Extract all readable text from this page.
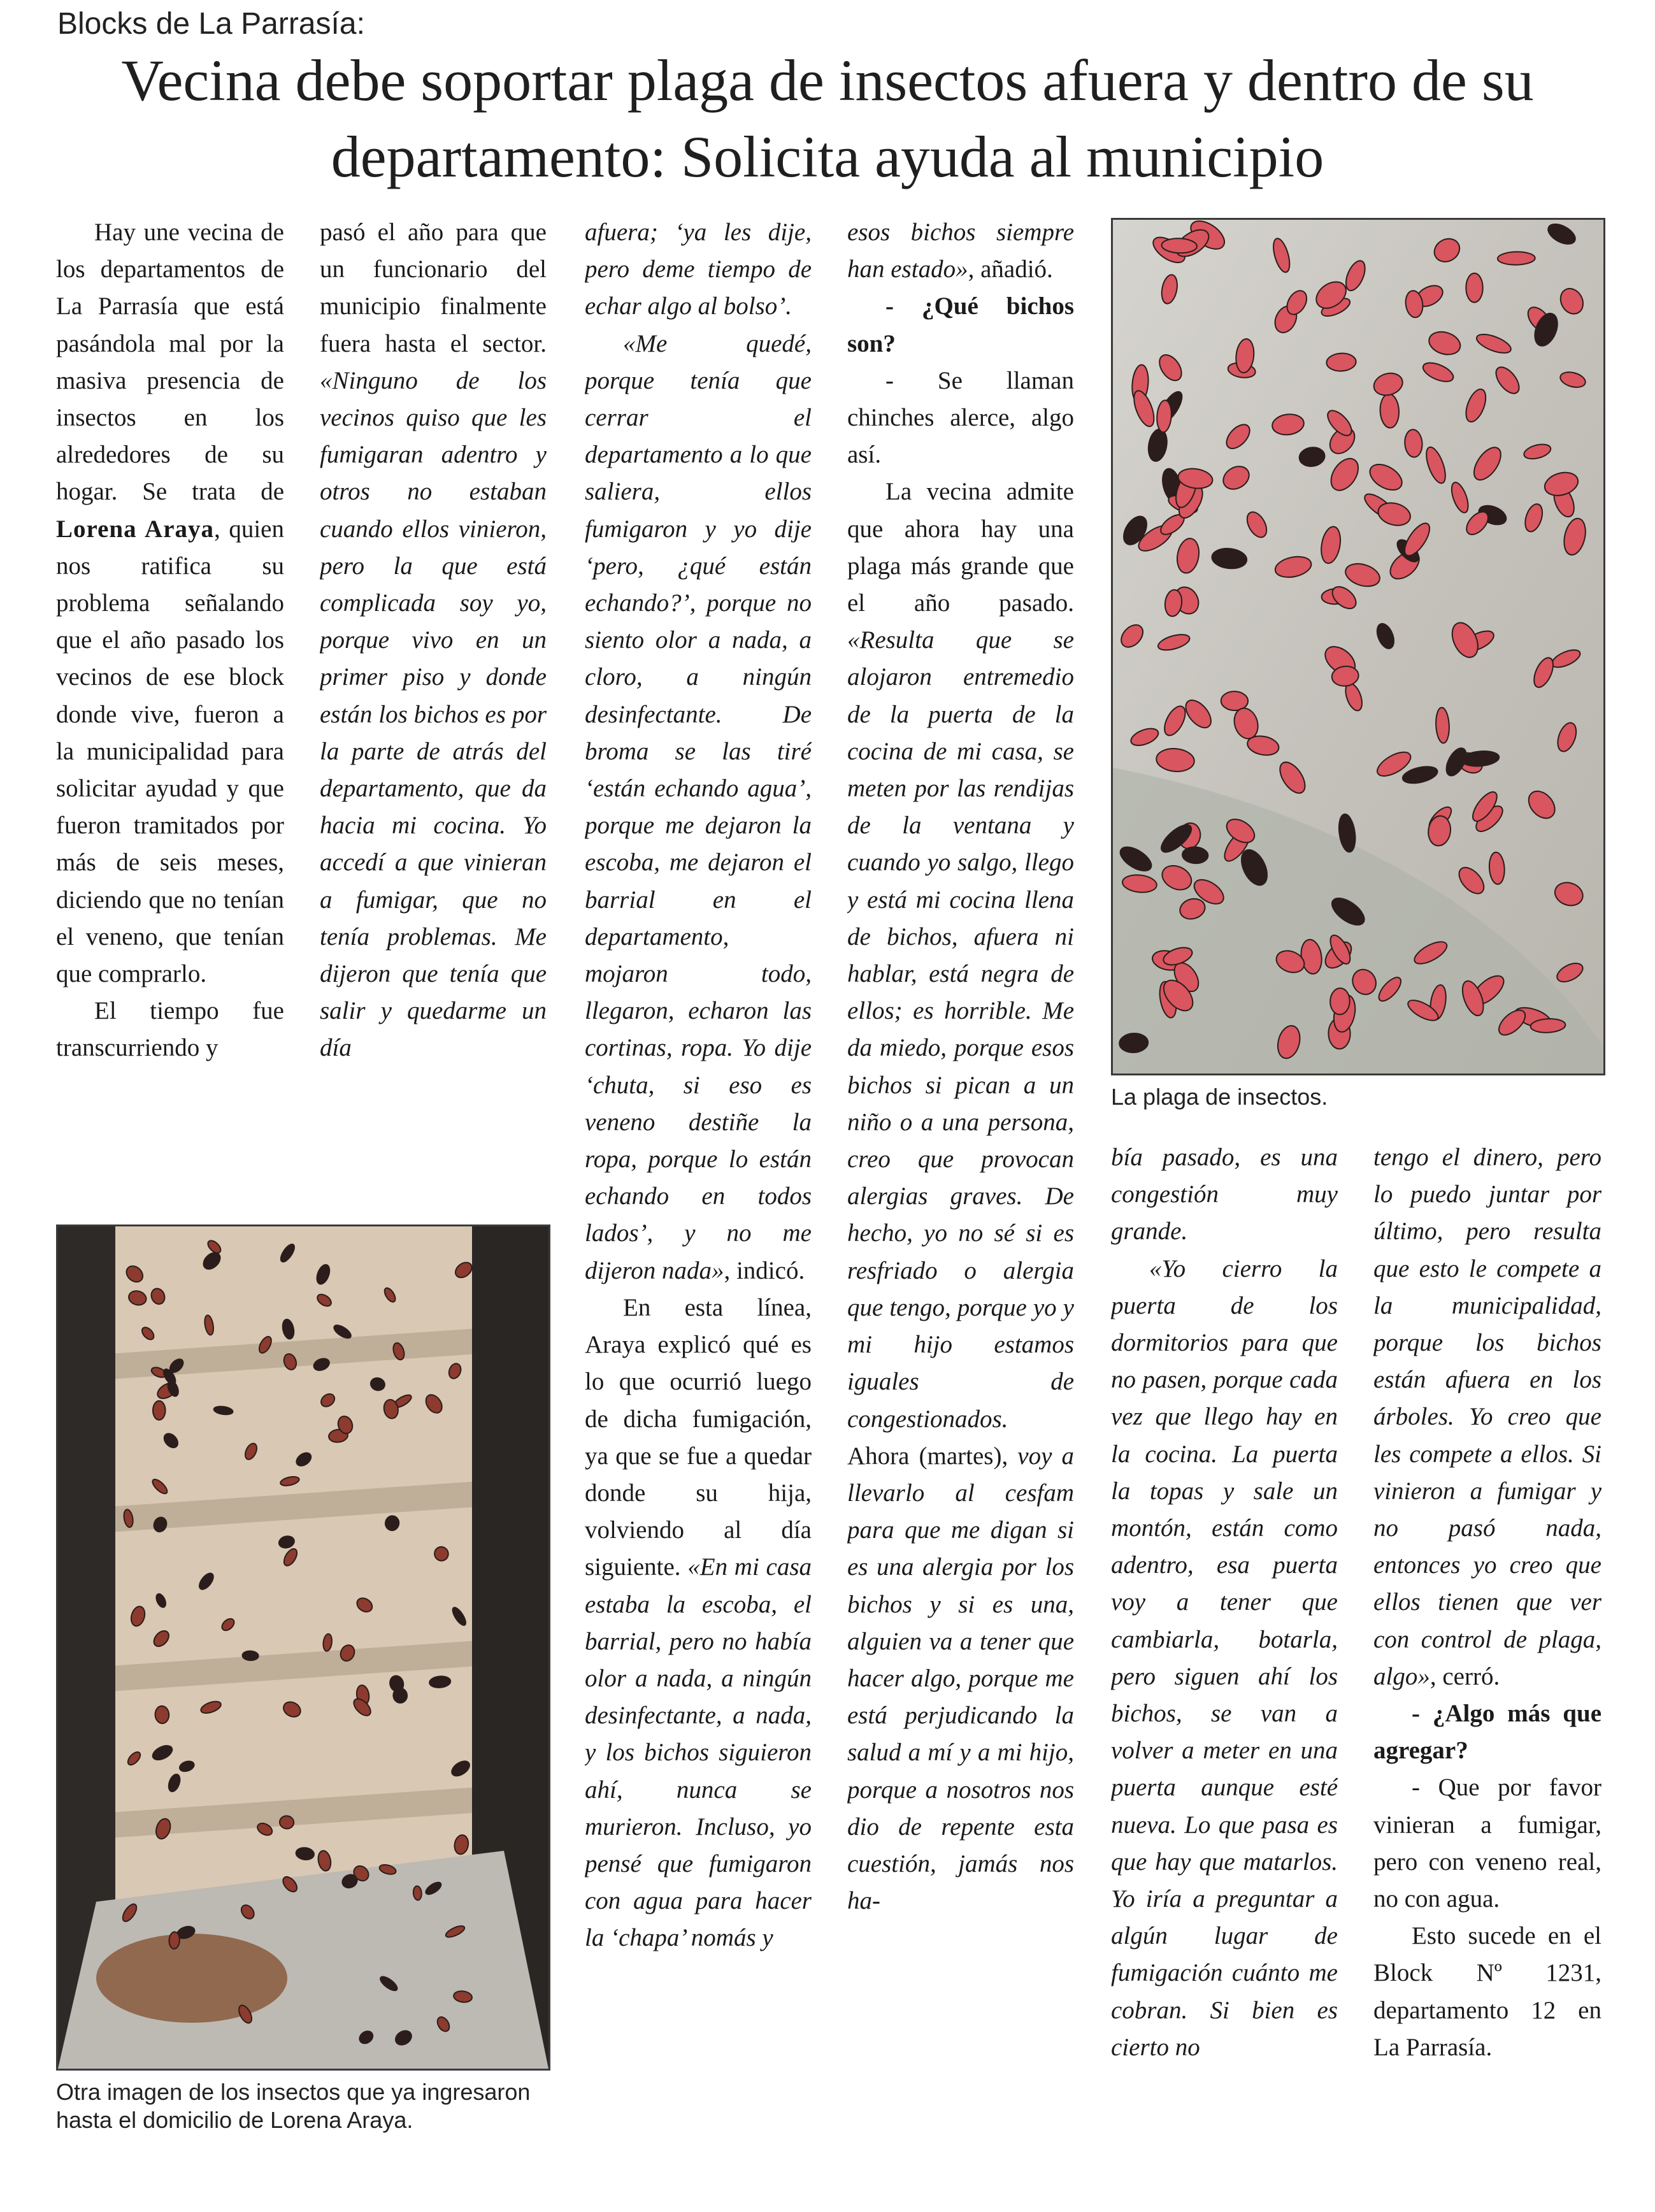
Blocks de La Parrasía:
Vecina debe soportar plaga de insectos afuera y dentro de su departamento: Solicita ayuda al municipio

Hay une vecina de los departamentos de La Parrasía que está pasándola mal por la masiva presencia de insectos en los alrededores de su hogar. Se trata de Lorena Araya, quien nos ratifica su problema señalando que el año pasado los vecinos de ese block donde vive, fueron a la municipalidad para solicitar ayudad y que fueron tramitados por más de seis meses, diciendo que no tenían el veneno, que tenían que comprarlo.

El tiempo fue transcurriendo y

pasó el año para que un funcionario del municipio finalmente fuera hasta el sector. «Ninguno de los vecinos quiso que les fumigaran adentro y otros no estaban cuando ellos vinieron, pero la que está complicada soy yo, porque vivo en un primer piso y donde están los bichos es por la parte de atrás del departamento, que da hacia mi cocina. Yo accedí a que vinieran a fumigar, que no tenía problemas. Me dijeron que tenía que salir y quedarme un día

afuera; ‘ya les dije, pero deme tiempo de echar algo al bolso’.

«Me quedé, porque tenía que cerrar el departamento a lo que saliera, ellos fumigaron y yo dije ‘pero, ¿qué están echando?’, porque no siento olor a nada, a cloro, a ningún desinfectante. De broma se las tiré ‘están echando agua’, porque me dejaron la escoba, me dejaron el barrial en el departamento, mojaron todo, llegaron, echaron las cortinas, ropa. Yo dije ‘chuta, si eso es veneno destiñe la ropa, porque lo están echando en todos lados’, y no me dijeron nada», indicó.

En esta línea, Araya explicó qué es lo que ocurrió luego de dicha fumigación, ya que se fue a quedar donde su hija, volviendo al día siguiente. «En mi casa estaba la escoba, el barrial, pero no había olor a nada, a ningún desinfectante, a nada, y los bichos siguieron ahí, nunca se murieron. Incluso, yo pensé que fumigaron con agua para hacer la ‘chapa’ nomás y

esos bichos siempre han estado», añadió.

- ¿Qué bichos son?

- Se llaman chinches alerce, algo así.

La vecina admite que ahora hay una plaga más grande que el año pasado. «Resulta que se alojaron entremedio de la puerta de la cocina de mi casa, se meten por las rendijas de la ventana y cuando yo salgo, llego y está mi cocina llena de bichos, afuera ni hablar, está negra de ellos; es horrible. Me da miedo, porque esos bichos si pican a un niño o a una persona, creo que provocan alergias graves. De hecho, yo no sé si es resfriado o alergia que tengo, porque yo y mi hijo estamos iguales de congestionados. Ahora (martes), voy a llevarlo al cesfam para que me digan si es una alergia por los bichos y si es una, alguien va a tener que hacer algo, porque me está perjudicando la salud a mí y a mi hijo, porque a nosotros nos dio de repente esta cuestión, jamás nos ha-

bía pasado, es una congestión muy grande.

«Yo cierro la puerta de los dormitorios para que no pasen, porque cada vez que llego hay en la cocina. La puerta la topas y sale un montón, están como adentro, esa puerta voy a tener que cambiarla, botarla, pero siguen ahí los bichos, se van a volver a meter en una puerta aunque esté nueva. Lo que pasa es que hay que matarlos. Yo iría a preguntar a algún lugar de fumigación cuánto me cobran. Si bien es cierto no

tengo el dinero, pero lo puedo juntar por último, pero resulta que esto le compete a la municipalidad, porque los bichos están afuera en los árboles. Yo creo que les compete a ellos. Si vinieron a fumigar y no pasó nada, entonces yo creo que ellos tienen que ver con control de plaga, algo», cerró.

- ¿Algo más que agregar?

- Que por favor vinieran a fumigar, pero con veneno real, no con agua.

Esto sucede en el Block Nº 1231, departamento 12 en La Parrasía.

La plaga de insectos.
Otra imagen de los insectos que ya ingresaron hasta el domicilio de Lorena Araya.
